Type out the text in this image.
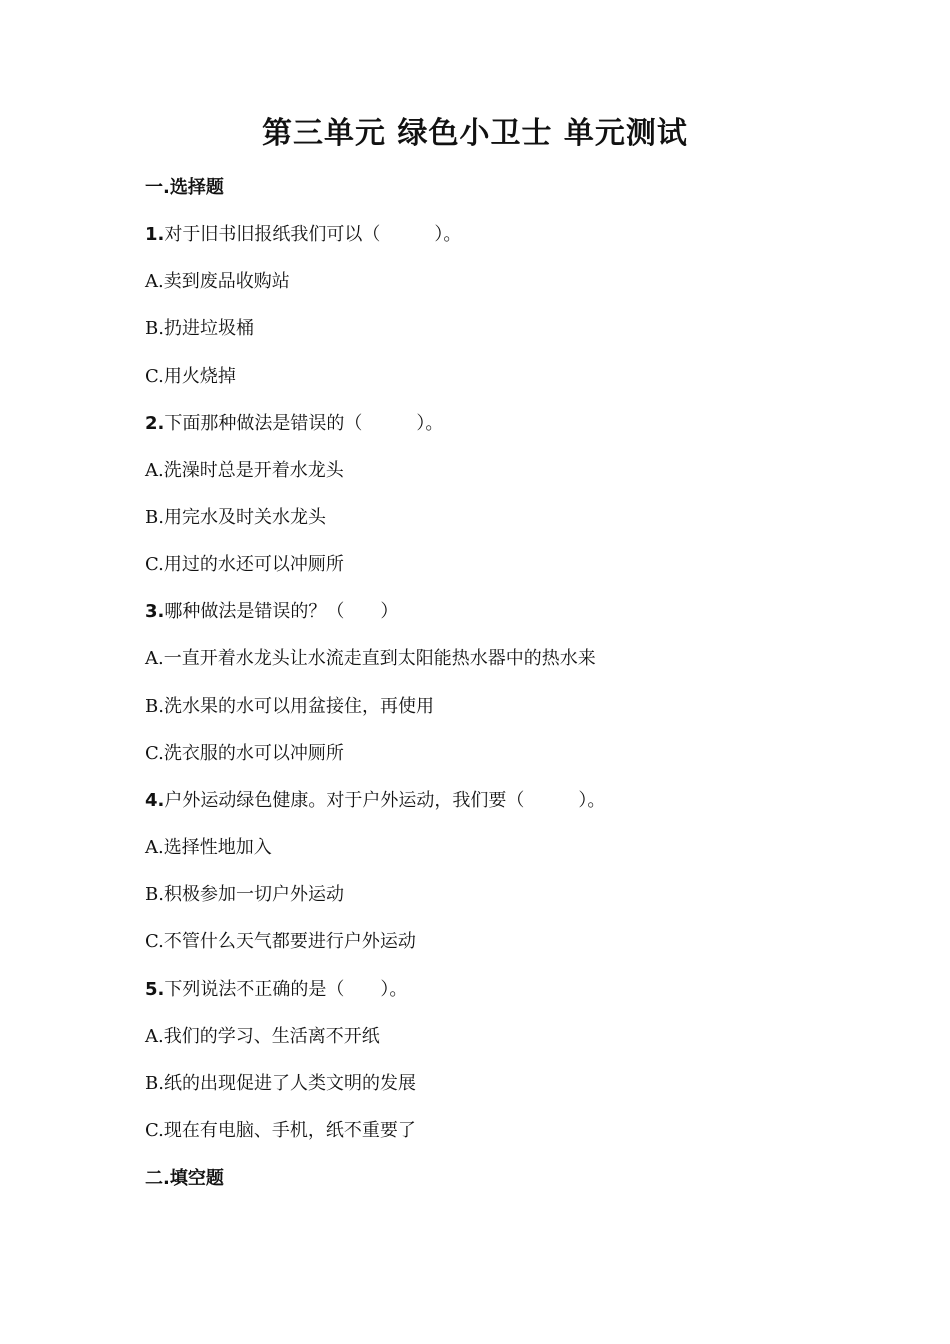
第三单元 绿色小卫士 单元测试
一.选择题
1.对于旧书旧报纸我们可以（　　　）。
A.卖到废品收购站
B.扔进垃圾桶
C.用火烧掉
2.下面那种做法是错误的（　　　）。
A.洗澡时总是开着水龙头
B.用完水及时关水龙头
C.用过的水还可以冲厕所
3.哪种做法是错误的？（　　）
A.一直开着水龙头让水流走直到太阳能热水器中的热水来
B.洗水果的水可以用盆接住，再使用
C.洗衣服的水可以冲厕所
4.户外运动绿色健康。对于户外运动，我们要（　　　）。
A.选择性地加入
B.积极参加一切户外运动
C.不管什么天气都要进行户外运动
5.下列说法不正确的是（　　）。
A.我们的学习、生活离不开纸
B.纸的出现促进了人类文明的发展
C.现在有电脑、手机，纸不重要了
二.填空题
